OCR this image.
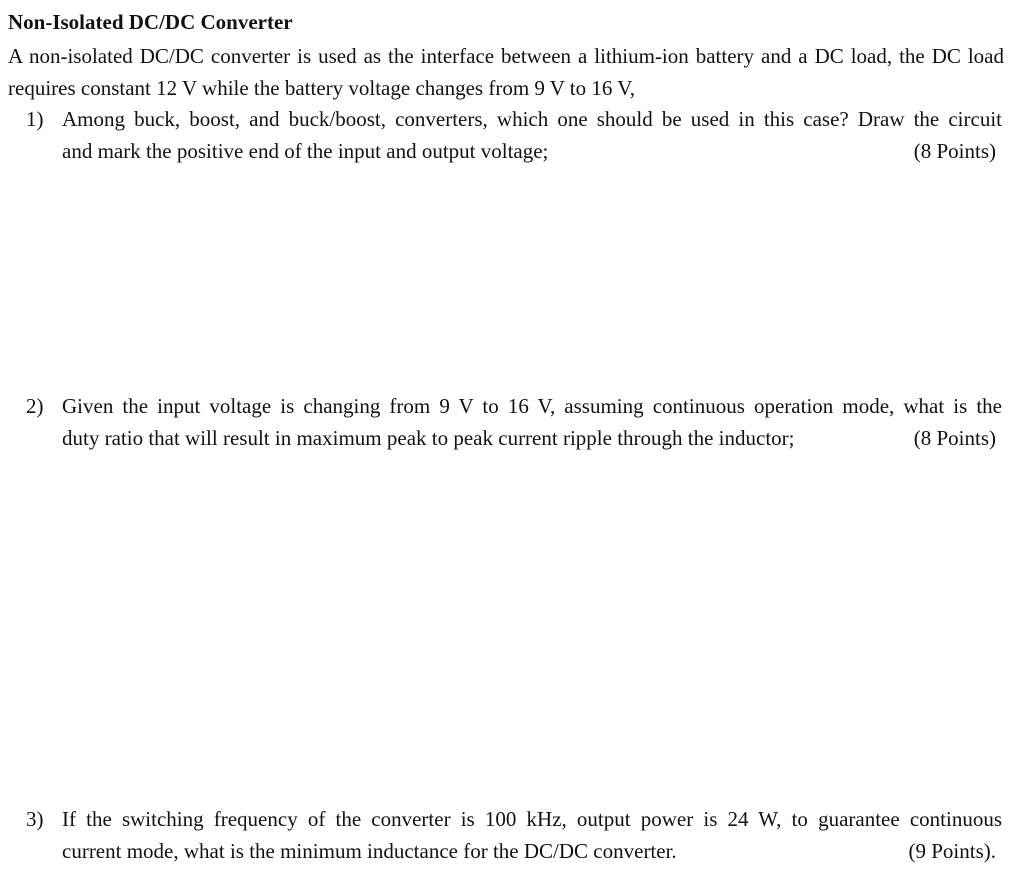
Non-Isolated DC/DC Converter
A non-isolated DC/DC converter is used as the interface between a lithium-ion battery and a DC load, the DC load requires constant 12 V while the battery voltage changes from 9 V to 16 V,
1) Among buck, boost, and buck/boost, converters, which one should be used in this case? Draw the circuit
and mark the positive end of the input and output voltage;	(8 Points)
2) Given the input voltage is changing from 9 V to 16 V, assuming continuous operation mode, what is the
duty ratio that will result in maximum peak to peak current ripple through the inductor;	(8 Points)
3) If the switching frequency of the converter is 100 kHz, output power is 24 W, to guarantee continuous
current mode, what is the minimum inductance for the DC/DC converter.	(9 Points).
